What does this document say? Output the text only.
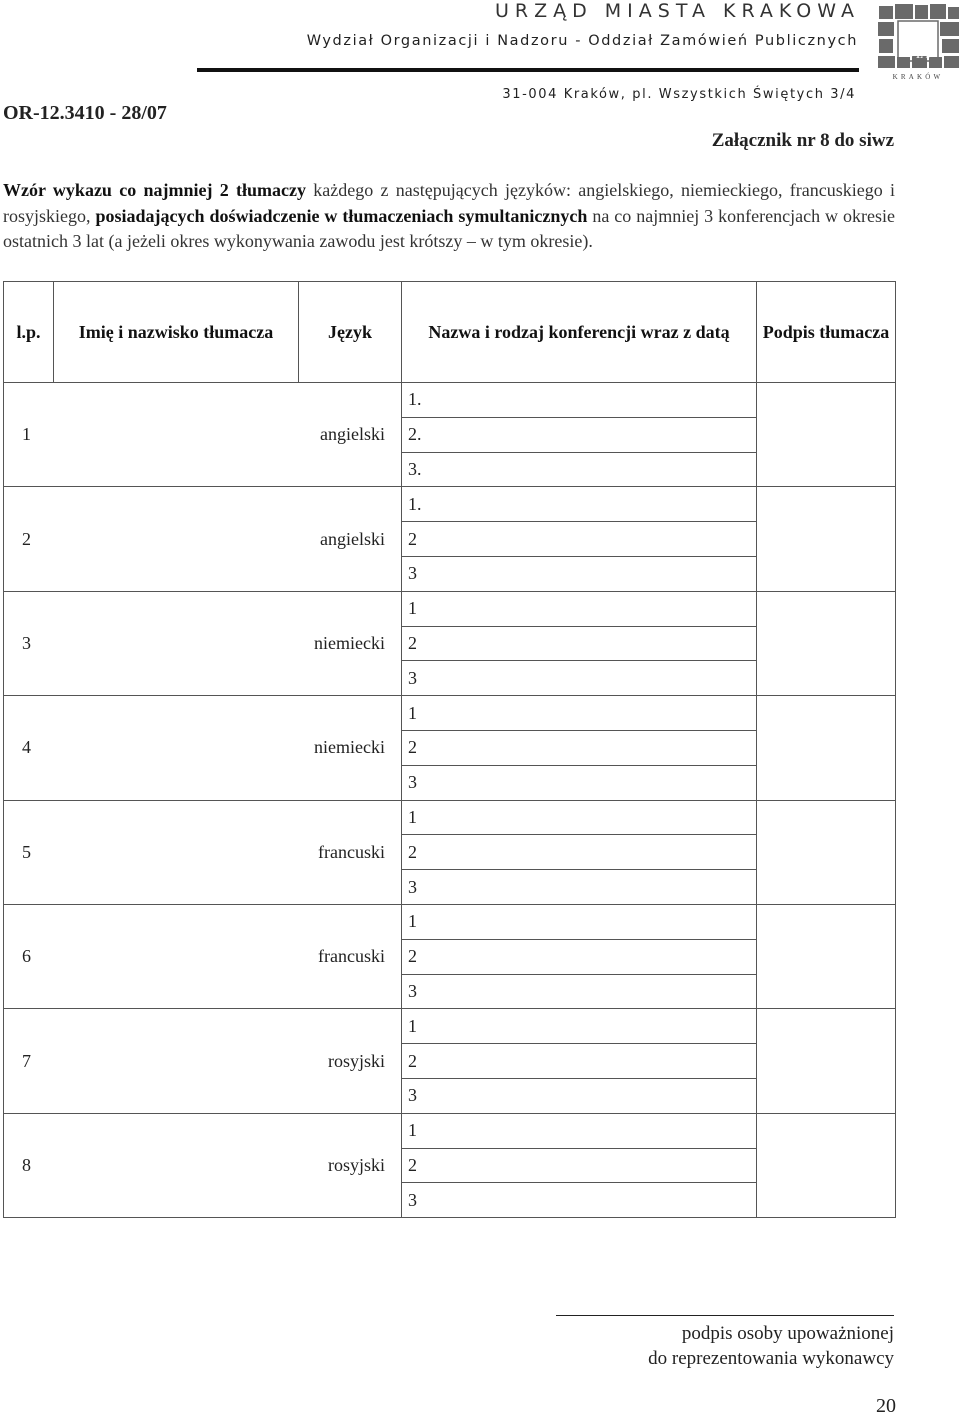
URZĄD MIASTA KRAKOWA
Wydział Organizacji i Nadzoru - Oddział Zamówień Publicznych
31-004 Kraków, pl. Wszystkich Świętych 3/4
CRA
CO
VIA
KRAKÓW
OR-12.3410 - 28/07
Załącznik nr 8 do siwz
Wzór wykazu co najmniej 2 tłumaczy każdego z następujących języków: angielskiego, niemieckiego, francuskiego i rosyjskiego, posiadających doświadczenie w tłumaczeniach symultanicznych na co najmniej 3 konferencjach w okresie ostatnich 3 lat (a jeżeli okres wykonywania zawodu jest krótszy – w tym okresie).
l.p.	Imię i nazwisko tłumacza	Język	Nazwa i rodzaj konferencji wraz z datą	Podpis tłumacza
1		angielski	1.	
			2.	
			3.	
2		angielski	1.	
			2	
			3	
3		niemiecki	1	
			2	
			3	
4		niemiecki	1	
			2	
			3	
5		francuski	1	
			2	
			3	
6		francuski	1	
			2	
			3	
7		rosyjski	1	
			2	
			3	
8		rosyjski	1	
			2	
			3	
podpis osoby upoważnionej
do reprezentowania wykonawcy
20
